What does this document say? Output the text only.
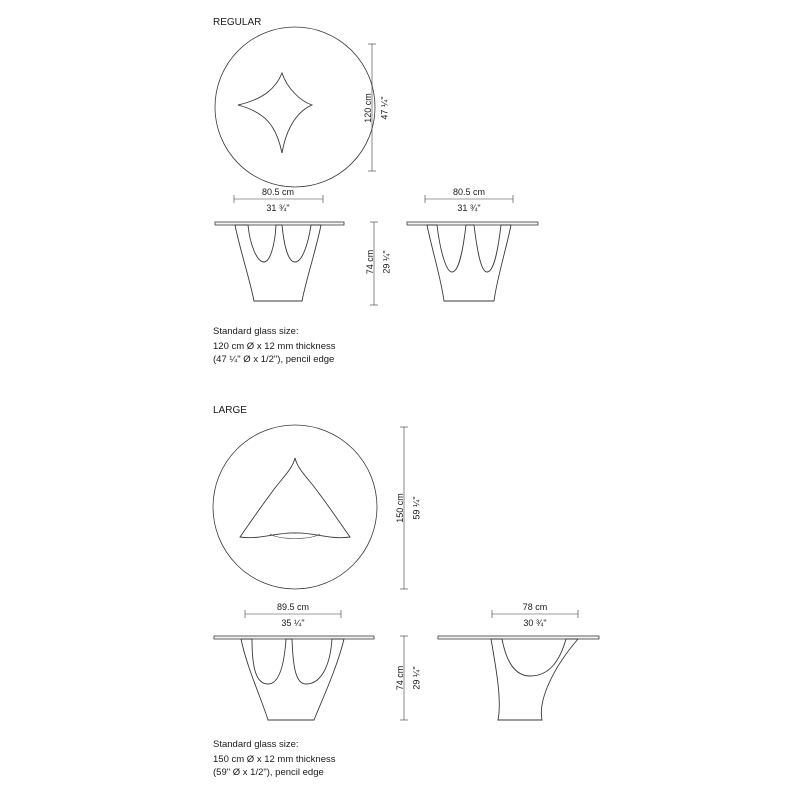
REGULAR
120 cm 47 ¼"
80.5 cm
31 ¾"
80.5 cm
31 ¾"
74 cm 29 ¼"
Standard glass size:
120 cm Ø x 12 mm thickness
(47 ¼" Ø x 1/2"), pencil edge
LARGE
150 cm 59 ¼"
89.5 cm
35 ¼"
78 cm
30 ¾"
74 cm 29 ¼"
Standard glass size:
150 cm Ø x 12 mm thickness
(59" Ø x 1/2"), pencil edge
